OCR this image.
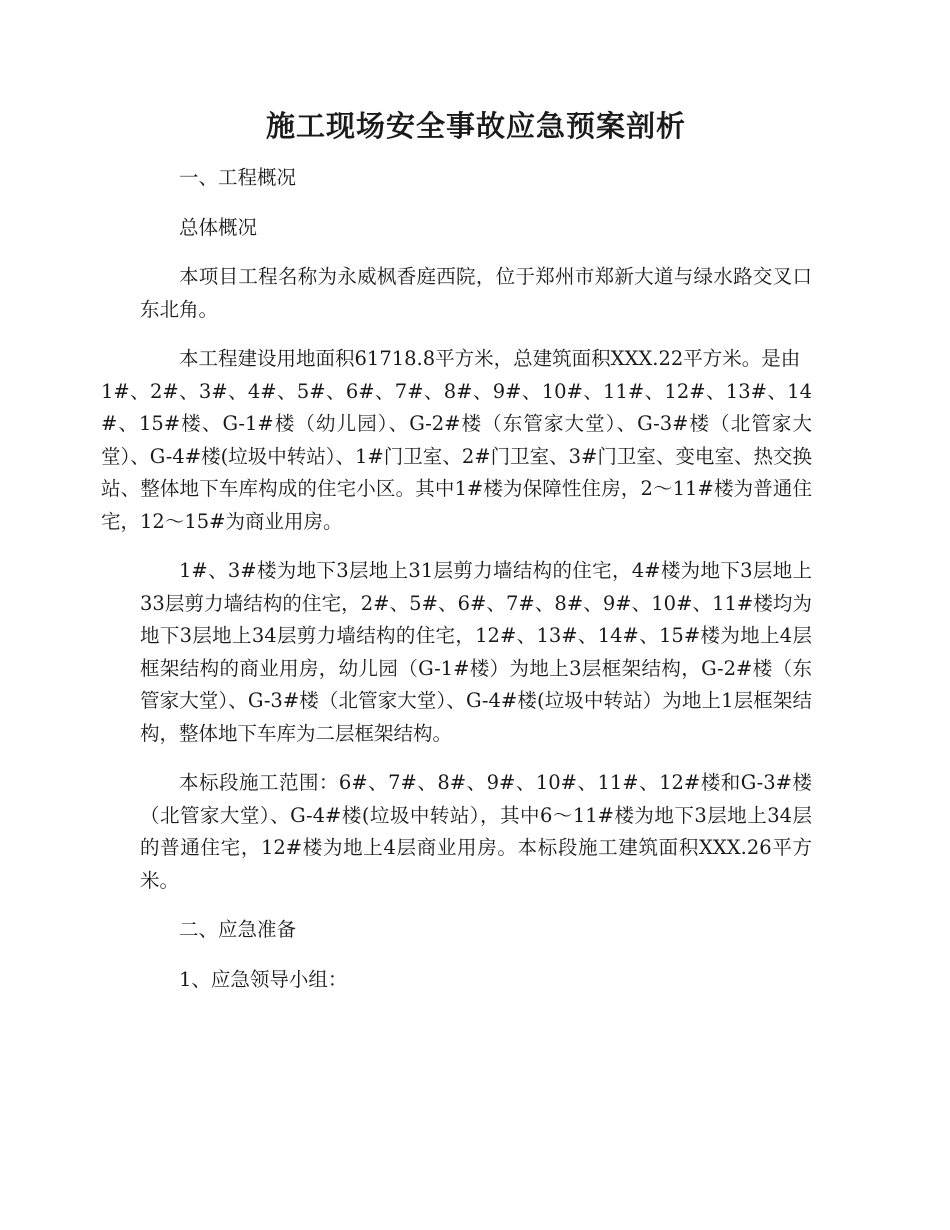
施工现场安全事故应急预案剖析
一、工程概况
总体概况

本项目工程名称为永威枫香庭西院，位于郑州市郑新大道与绿水路交叉口东北角。

本工程建设用地面积61718.8平方米，总建筑面积XXX.22平方米。是由
1#、2#、3#、4#、5#、6#、7#、8#、9#、10#、11#、12#、13#、14#、15#楼、G-1#楼（幼儿园）、G-2#楼（东管家大堂）、G-3#楼（北管家大堂）、G-4#楼(垃圾中转站）、1#门卫室、2#门卫室、3#门卫室、变电室、热交换站、整体地下车库构成的住宅小区。其中1#楼为保障性住房，2～11#楼为普通住宅，12～15#为商业用房。

1#、3#楼为地下3层地上31层剪力墙结构的住宅，4#楼为地下3层地上33层剪力墙结构的住宅，2#、5#、6#、7#、8#、9#、10#、11#楼均为地下3层地上34层剪力墙结构的住宅，12#、13#、14#、15#楼为地上4层框架结构的商业用房，幼儿园（G-1#楼）为地上3层框架结构，G-2#楼（东管家大堂）、G-3#楼（北管家大堂）、G-4#楼(垃圾中转站）为地上1层框架结构，整体地下车库为二层框架结构。

本标段施工范围：6#、7#、8#、9#、10#、11#、12#楼和G-3#楼（北管家大堂）、G-4#楼(垃圾中转站），其中6～11#楼为地下3层地上34层的普通住宅，12#楼为地上4层商业用房。本标段施工建筑面积XXX.26平方米。

二、应急准备
1、应急领导小组：
